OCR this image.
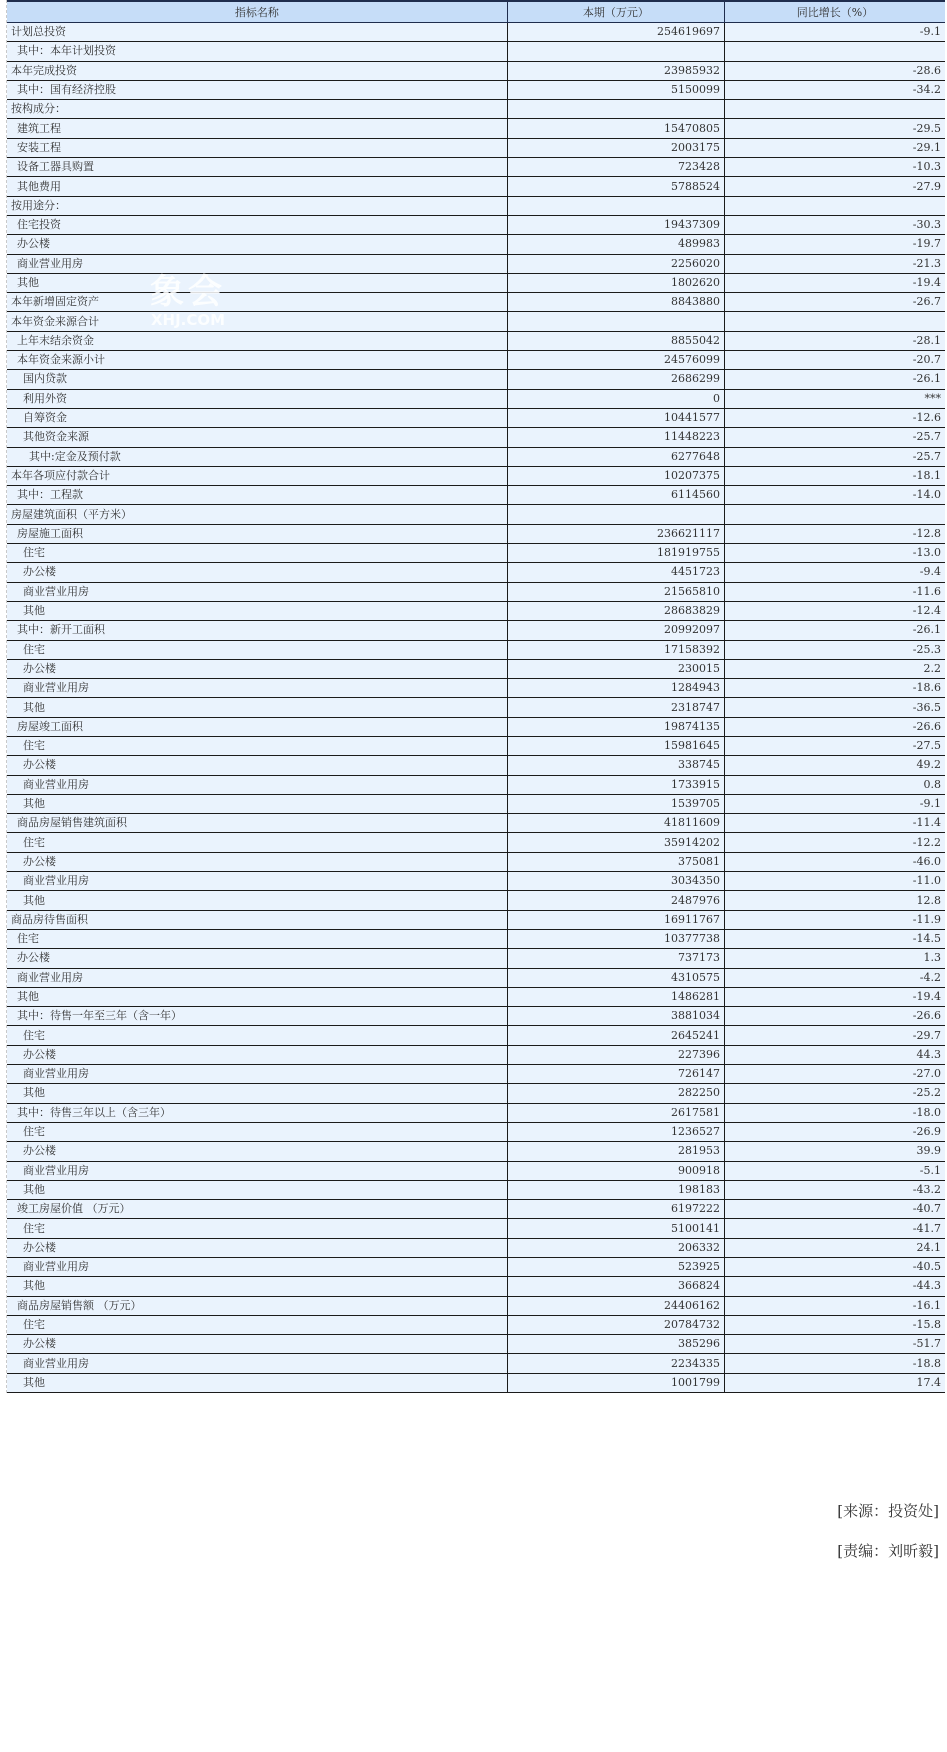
指标名称	本期（万元）	同比增长（%）
计划总投资	254619697	-9.1
其中：本年计划投资		
本年完成投资	23985932	-28.6
其中：国有经济控股	5150099	-34.2
按构成分：		
建筑工程	15470805	-29.5
安装工程	2003175	-29.1
设备工器具购置	723428	-10.3
其他费用	5788524	-27.9
按用途分：		
住宅投资	19437309	-30.3
办公楼	489983	-19.7
商业营业用房	2256020	-21.3
其他	1802620	-19.4
本年新增固定资产	8843880	-26.7
本年资金来源合计		
上年末结余资金	8855042	-28.1
本年资金来源小计	24576099	-20.7
国内贷款	2686299	-26.1
利用外资	0	***
自筹资金	10441577	-12.6
其他资金来源	11448223	-25.7
其中:定金及预付款	6277648	-25.7
本年各项应付款合计	10207375	-18.1
其中：工程款	6114560	-14.0
房屋建筑面积（平方米）		
房屋施工面积	236621117	-12.8
住宅	181919755	-13.0
办公楼	4451723	-9.4
商业营业用房	21565810	-11.6
其他	28683829	-12.4
其中：新开工面积	20992097	-26.1
住宅	17158392	-25.3
办公楼	230015	2.2
商业营业用房	1284943	-18.6
其他	2318747	-36.5
房屋竣工面积	19874135	-26.6
住宅	15981645	-27.5
办公楼	338745	49.2
商业营业用房	1733915	0.8
其他	1539705	-9.1
商品房屋销售建筑面积	41811609	-11.4
住宅	35914202	-12.2
办公楼	375081	-46.0
商业营业用房	3034350	-11.0
其他	2487976	12.8
商品房待售面积	16911767	-11.9
住宅	10377738	-14.5
办公楼	737173	1.3
商业营业用房	4310575	-4.2
其他	1486281	-19.4
其中：待售一年至三年（含一年）	3881034	-26.6
住宅	2645241	-29.7
办公楼	227396	44.3
商业营业用房	726147	-27.0
其他	282250	-25.2
其中：待售三年以上（含三年）	2617581	-18.0
住宅	1236527	-26.9
办公楼	281953	39.9
商业营业用房	900918	-5.1
其他	198183	-43.2
竣工房屋价值 （万元）	6197222	-40.7
住宅	5100141	-41.7
办公楼	206332	24.1
商业营业用房	523925	-40.5
其他	366824	-44.3
商品房屋销售额 （万元）	24406162	-16.1
住宅	20784732	-15.8
办公楼	385296	-51.7
商业营业用房	2234335	-18.8
其他	1001799	17.4
象会
XHJ.COM
[来源：投资处]
[责编：刘昕毅]
